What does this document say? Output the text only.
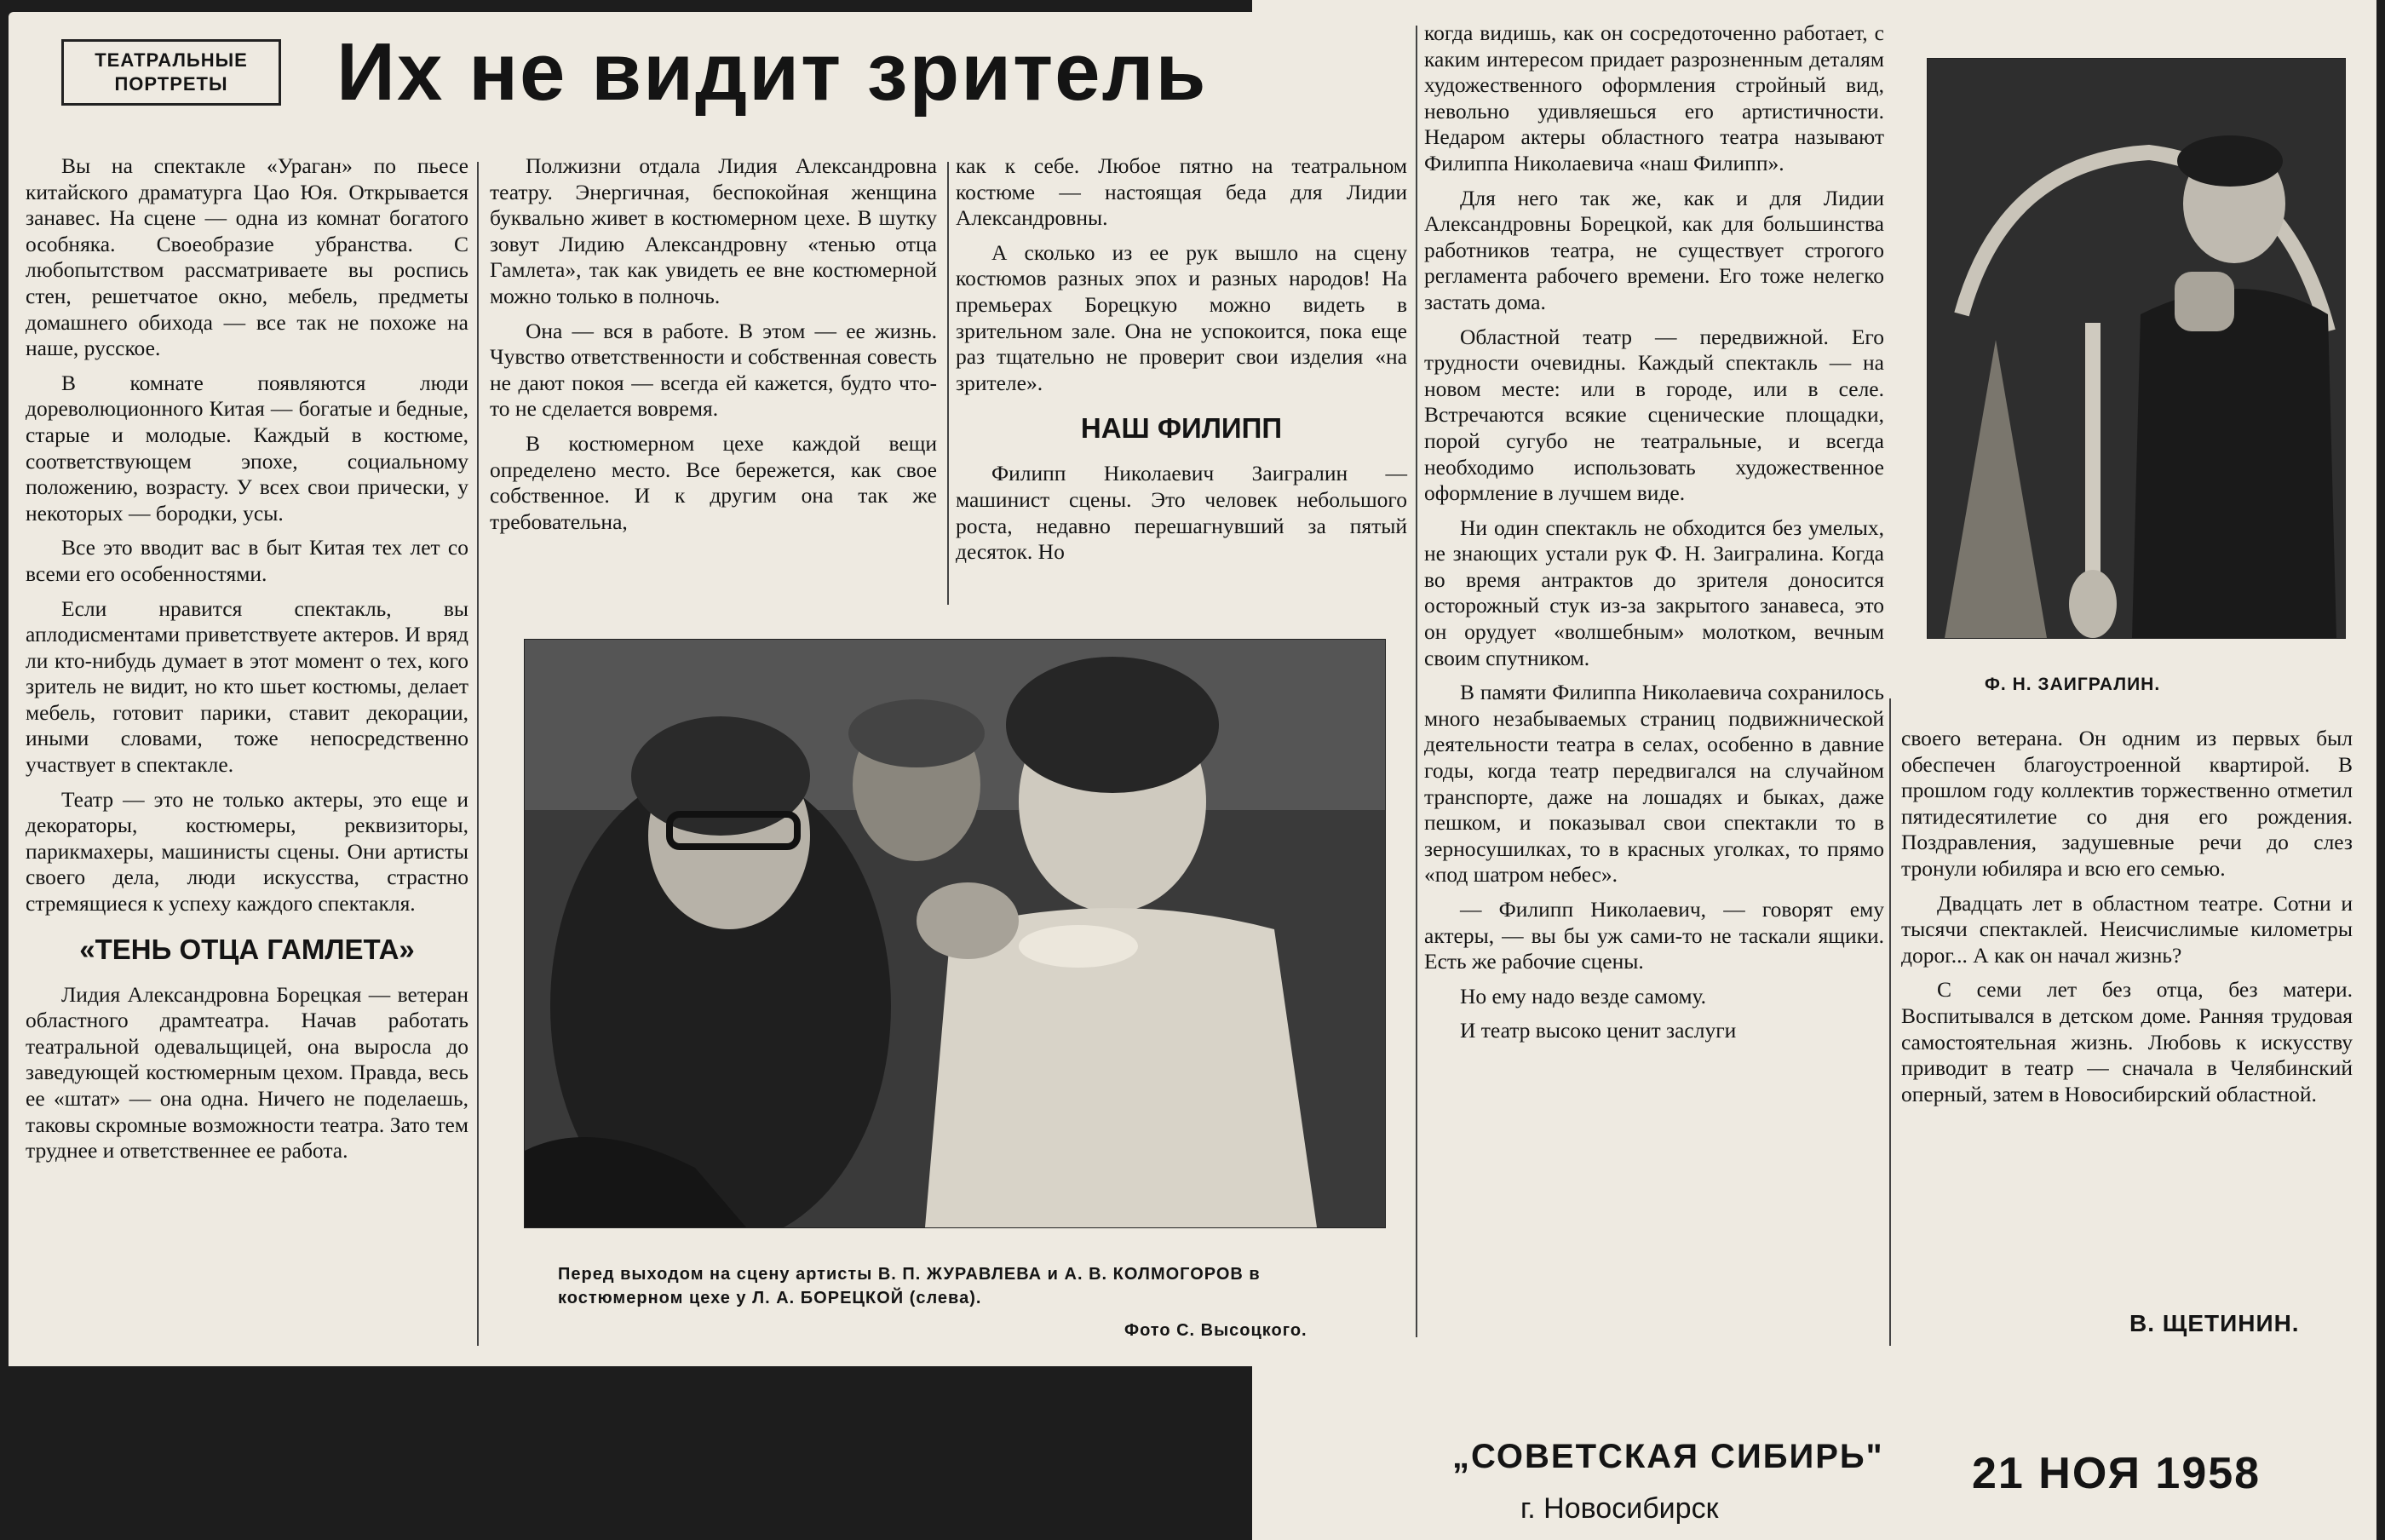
ТЕАТРАЛЬНЫЕ ПОРТРЕТЫ	Их не видит зритель

Вы на спектакле «Ураган» по пьесе китайского драматурга Цао Юя. Открывается занавес. На сцене — одна из комнат богатого особняка. Своеобразие убранства. С любопытством рассматриваете вы роспись стен, решетчатое окно, мебель, предметы домашнего обихода — все так не похоже на наше, русское.

В комнате появляются люди дореволюционного Китая — богатые и бедные, старые и молодые. Каждый в костюме, соответствующем эпохе, социальному положению, возрасту. У всех свои прически, у некоторых — бородки, усы.

Все это вводит вас в быт Китая тех лет со всеми его особенностями.

Если нравится спектакль, вы аплодисментами приветствуете актеров. И вряд ли кто-нибудь думает в этот момент о тех, кого зритель не видит, но кто шьет костюмы, делает мебель, готовит парики, ставит декорации, иными словами, тоже непосредственно участвует в спектакле.

Театр — это не только актеры, это еще и декораторы, костюмеры, реквизиторы, парикмахеры, машинисты сцены. Они артисты своего дела, люди искусства, страстно стремящиеся к успеху каждого спектакля.

«ТЕНЬ ОТЦА ГАМЛЕТА»

Лидия Александровна Борецкая — ветеран областного драмтеатра. Начав работать театральной одевальщицей, она выросла до заведующей костюмерным цехом. Правда, весь ее «штат» — она одна. Ничего не поделаешь, таковы скромные возможности театра. Зато тем труднее и ответственнее ее работа.

Полжизни отдала Лидия Александровна театру. Энергичная, беспокойная женщина буквально живет в костюмерном цехе. В шутку зовут Лидию Александровну «тенью отца Гамлета», так как увидеть ее вне костюмерной можно только в полночь.

Она — вся в работе. В этом — ее жизнь. Чувство ответственности и собственная совесть не дают покоя — всегда ей кажется, будто что-то не сделается вовремя.

В костюмерном цехе каждой вещи определено место. Все бережется, как свое собственное. И к другим она так же требовательна,

как к себе. Любое пятно на театральном костюме — настоящая беда для Лидии Александровны.

А сколько из ее рук вышло на сцену костюмов разных эпох и разных народов! На премьерах Борецкую можно видеть в зрительном зале. Она не успокоится, пока еще раз тщательно не проверит свои изделия «на зрителе».

НАШ ФИЛИПП

Филипп Николаевич Заигралин — машинист сцены. Это человек небольшого роста, недавно перешагнувший за пятый десяток. Но

Перед выходом на сцену артисты В. П. ЖУРАВЛЕВА и А. В. КОЛМОГОРОВ в костюмерном цехе у Л. А. БОРЕЦКОЙ (слева).
Фото С. Высоцкого.

когда видишь, как он сосредоточенно работает, с каким интересом придает разрозненным деталям художественного оформления стройный вид, невольно удивляешься его артистичности. Недаром актеры областного театра называют Филиппа Николаевича «наш Филипп».

Для него так же, как и для Лидии Александровны Борецкой, как для большинства работников театра, не существует строгого регламента рабочего времени. Его тоже нелегко застать дома.

Областной театр — передвижной. Его трудности очевидны. Каждый спектакль — на новом месте: или в городе, или в селе. Встречаются всякие сценические площадки, порой сугубо не театральные, и всегда необходимо использовать художественное оформление в лучшем виде.

Ни один спектакль не обходится без умелых, не знающих устали рук Ф. Н. Заигралина. Когда во время антрактов до зрителя доносится осторожный стук из-за закрытого занавеса, это он орудует «волшебным» молотком, вечным своим спутником.

В памяти Филиппа Николаевича сохранилось много незабываемых страниц подвижнической деятельности театра в селах, особенно в давние годы, когда театр передвигался на случайном транспорте, даже на лошадях и быках, даже пешком, и показывал свои спектакли то в зерносушилках, то в красных уголках, то прямо «под шатром небес».

— Филипп Николаевич, — говорят ему актеры, — вы бы уж сами-то не таскали ящики. Есть же рабочие сцены.

Но ему надо везде самому.

И театр высоко ценит заслуги

Ф. Н. ЗАИГРАЛИН.

своего ветерана. Он одним из первых был обеспечен благоустроенной квартирой. В прошлом году коллектив торжественно отметил пятидесятилетие со дня его рождения. Поздравления, задушевные речи до слез тронули юбиляра и всю его семью.

Двадцать лет в областном театре. Сотни и тысячи спектаклей. Неисчислимые километры дорог... А как он начал жизнь?

С семи лет без отца, без матери. Воспитывался в детском доме. Ранняя трудовая самостоятельная жизнь. Любовь к искусству приводит в театр — сначала в Челябинский оперный, затем в Новосибирский областной.

В. ЩЕТИНИН.
„СОВЕТСКАЯ СИБИРЬ"
г. Новосибирск
21 НОЯ 1958
